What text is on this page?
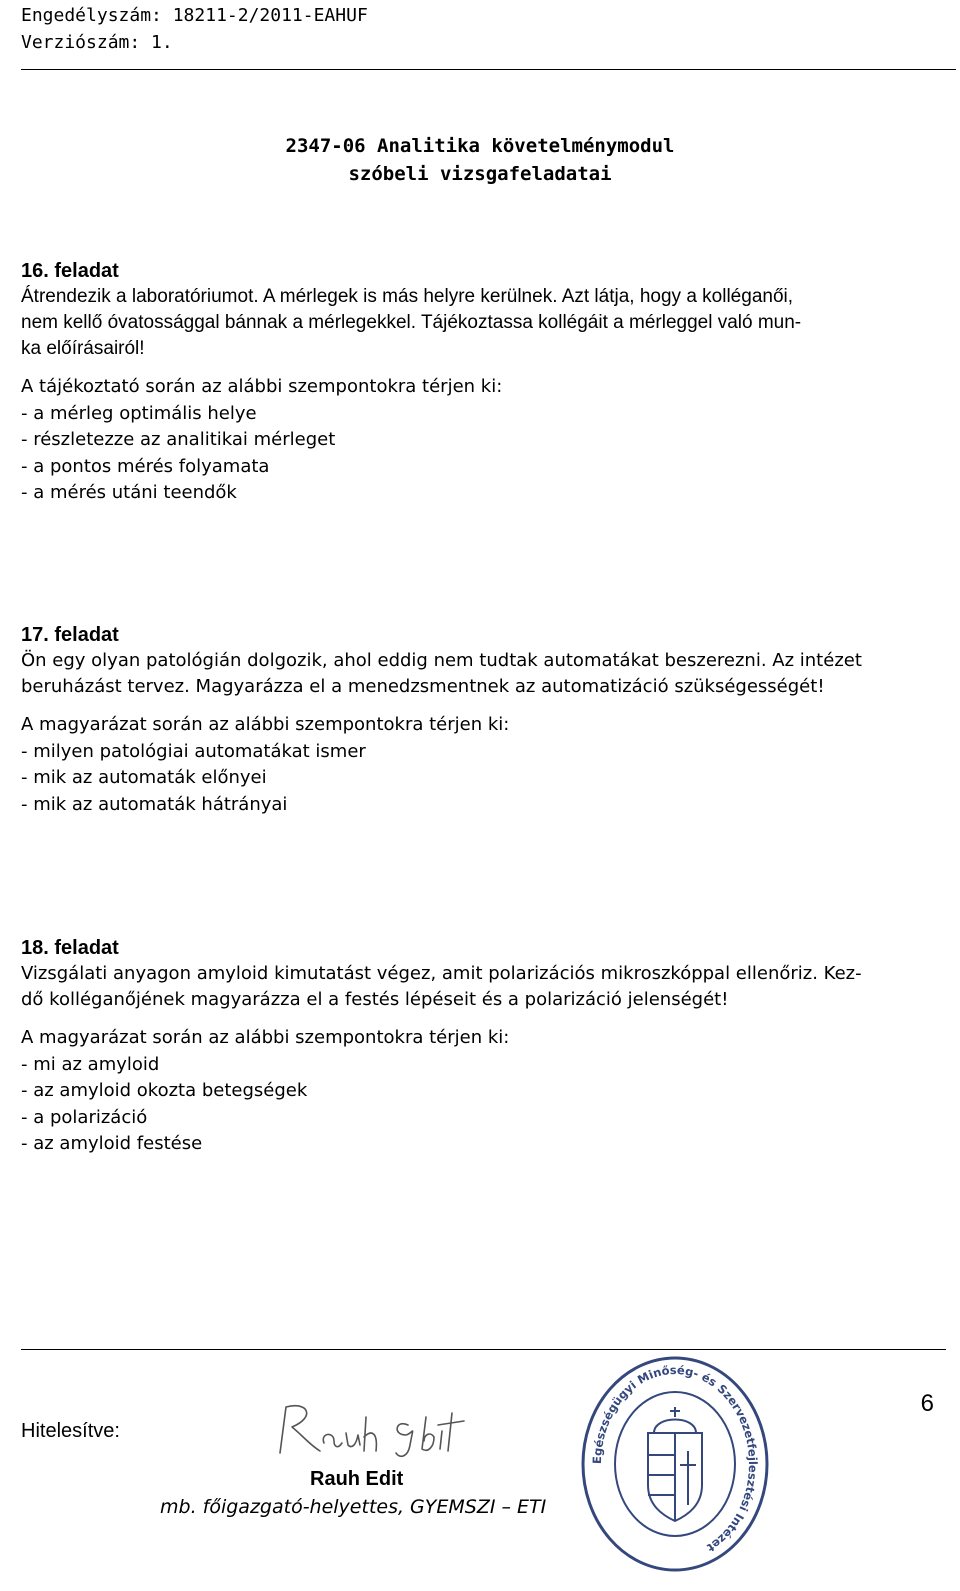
Engedélyszám: 18211-2/2011-EAHUF
Verziószám: 1.
2347-06 Analitika követelménymodul
szóbeli vizsgafeladatai
16. feladat
Átrendezik a laboratóriumot. A mérlegek is más helyre kerülnek. Azt látja, hogy a kolléganői,
nem kellő óvatossággal bánnak a mérlegekkel. Tájékoztassa kollégáit a mérleggel való mun-
ka előírásairól!
A tájékoztató során az alábbi szempontokra térjen ki:
- a mérleg optimális helye
- részletezze az analitikai mérleget
- a pontos mérés folyamata
- a mérés utáni teendők
17. feladat
Ön egy olyan patológián dolgozik, ahol eddig nem tudtak automatákat beszerezni. Az intézet
beruházást tervez. Magyarázza el a menedzsmentnek az automatizáció szükségességét!
A magyarázat során az alábbi szempontokra térjen ki:
- milyen patológiai automatákat ismer
- mik az automaták előnyei
- mik az automaták hátrányai
18. feladat
Vizsgálati anyagon amyloid kimutatást végez, amit polarizációs mikroszkóppal ellenőriz. Kez-
dő kolléganőjének magyarázza el a festés lépéseit és a polarizáció jelenségét!
A magyarázat során az alábbi szempontokra térjen ki:
- mi az amyloid
- az amyloid okozta betegségek
- a polarizáció
- az amyloid festése
Hitelesítve:
6
Rauh Edit
mb. főigazgató-helyettes, GYEMSZI – ETI
Egészségügyi Minőség- és Szervezetfejlesztési Intézet
